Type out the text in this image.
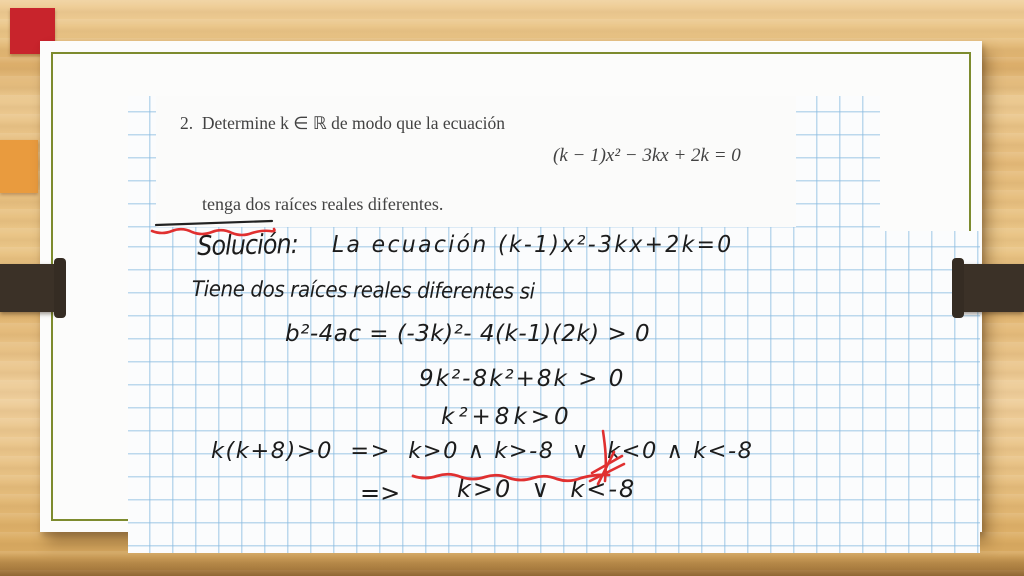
2.  Determine k ∈ ℝ de modo que la ecuación
(k − 1)x² − 3kx + 2k = 0
tenga dos raíces reales diferentes.
Solución: La ecuación (k-1)x²-3kx+2k=0
Tiene dos raíces reales diferentes si
b²-4ac = (-3k)²- 4(k-1)(2k) > 0
9k²-8k²+8k > 0
k²+8k>0
k(k+8)>0  =>  k>0 ∧ k>-8  ∨  k<0 ∧ k<-8
=> k>0  ∨  k<-8
